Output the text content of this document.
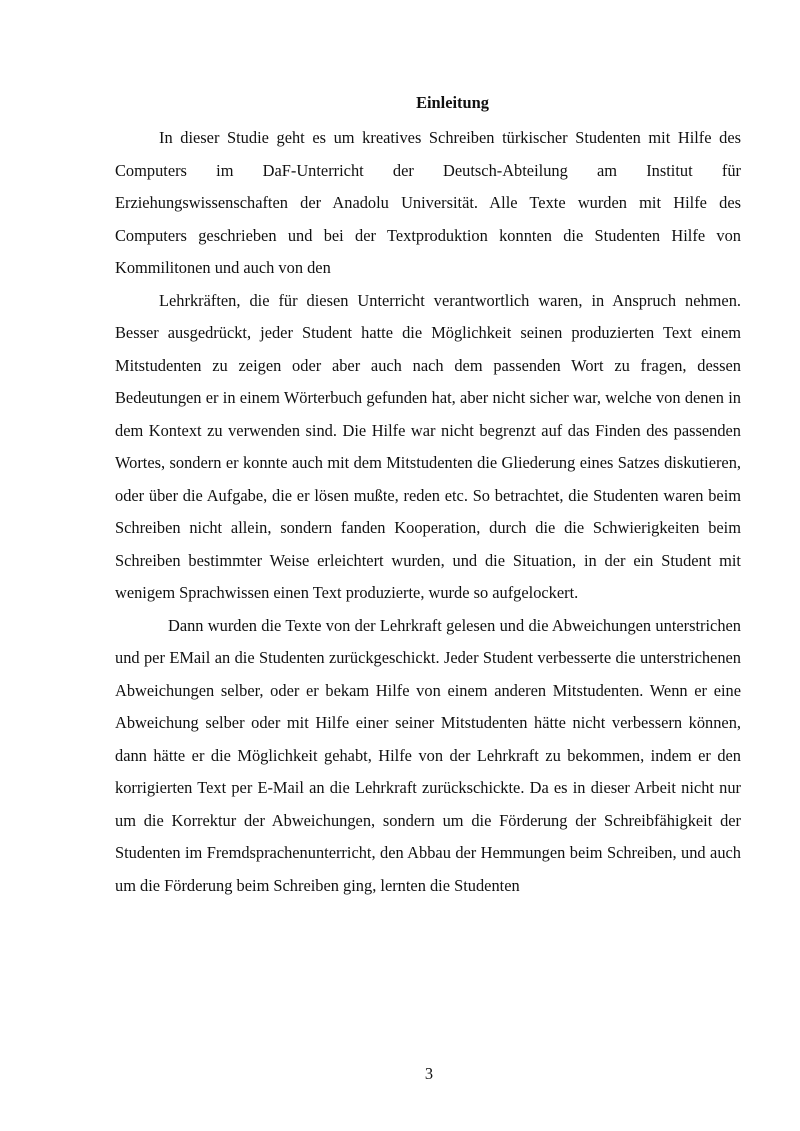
Einleitung

In dieser Studie geht es um kreatives Schreiben türkischer Studenten mit Hilfe des Computers im DaF-Unterricht der Deutsch-Abteilung am Institut für Erziehungswissenschaften der Anadolu Universität. Alle Texte wurden mit Hilfe des Computers geschrieben und bei der Textproduktion konnten die Studenten Hilfe von Kommilitonen und auch von den

Lehrkräften, die für diesen Unterricht verantwortlich waren, in Anspruch nehmen. Besser ausgedrückt, jeder Student hatte die Möglichkeit seinen produzierten Text einem Mitstudenten zu zeigen oder aber auch nach dem passenden Wort zu fragen, dessen Bedeutungen er in einem Wörterbuch gefunden hat, aber nicht sicher war, welche von denen in dem Kontext zu verwenden sind. Die Hilfe war nicht begrenzt auf das Finden des passenden Wortes, sondern er konnte auch mit dem Mitstudenten die Gliederung eines Satzes diskutieren, oder über die Aufgabe, die er lösen mußte, reden etc. So betrachtet, die Studenten waren beim Schreiben nicht allein, sondern fanden Kooperation, durch die die Schwierigkeiten beim Schreiben bestimmter Weise erleichtert wurden, und die Situation, in der ein Student mit wenigem Sprachwissen einen Text produzierte, wurde so aufgelockert.

Dann wurden die Texte von der Lehrkraft gelesen und die Abweichungen unterstrichen und per EMail an die Studenten zurückgeschickt. Jeder Student verbesserte die unterstrichenen Abweichungen selber, oder er bekam Hilfe von einem anderen Mitstudenten. Wenn er eine Abweichung selber oder mit Hilfe einer seiner Mitstudenten hätte nicht verbessern können, dann hätte er die Möglichkeit gehabt, Hilfe von der Lehrkraft zu bekommen, indem er den korrigierten Text per E-Mail an die Lehrkraft zurückschickte. Da es in dieser Arbeit nicht nur um die Korrektur der Abweichungen, sondern um die Förderung der Schreibfähigkeit der Studenten im Fremdsprachenunterricht, den Abbau der Hemmungen beim Schreiben, und auch um die Förderung beim Schreiben ging, lernten die Studenten

3
